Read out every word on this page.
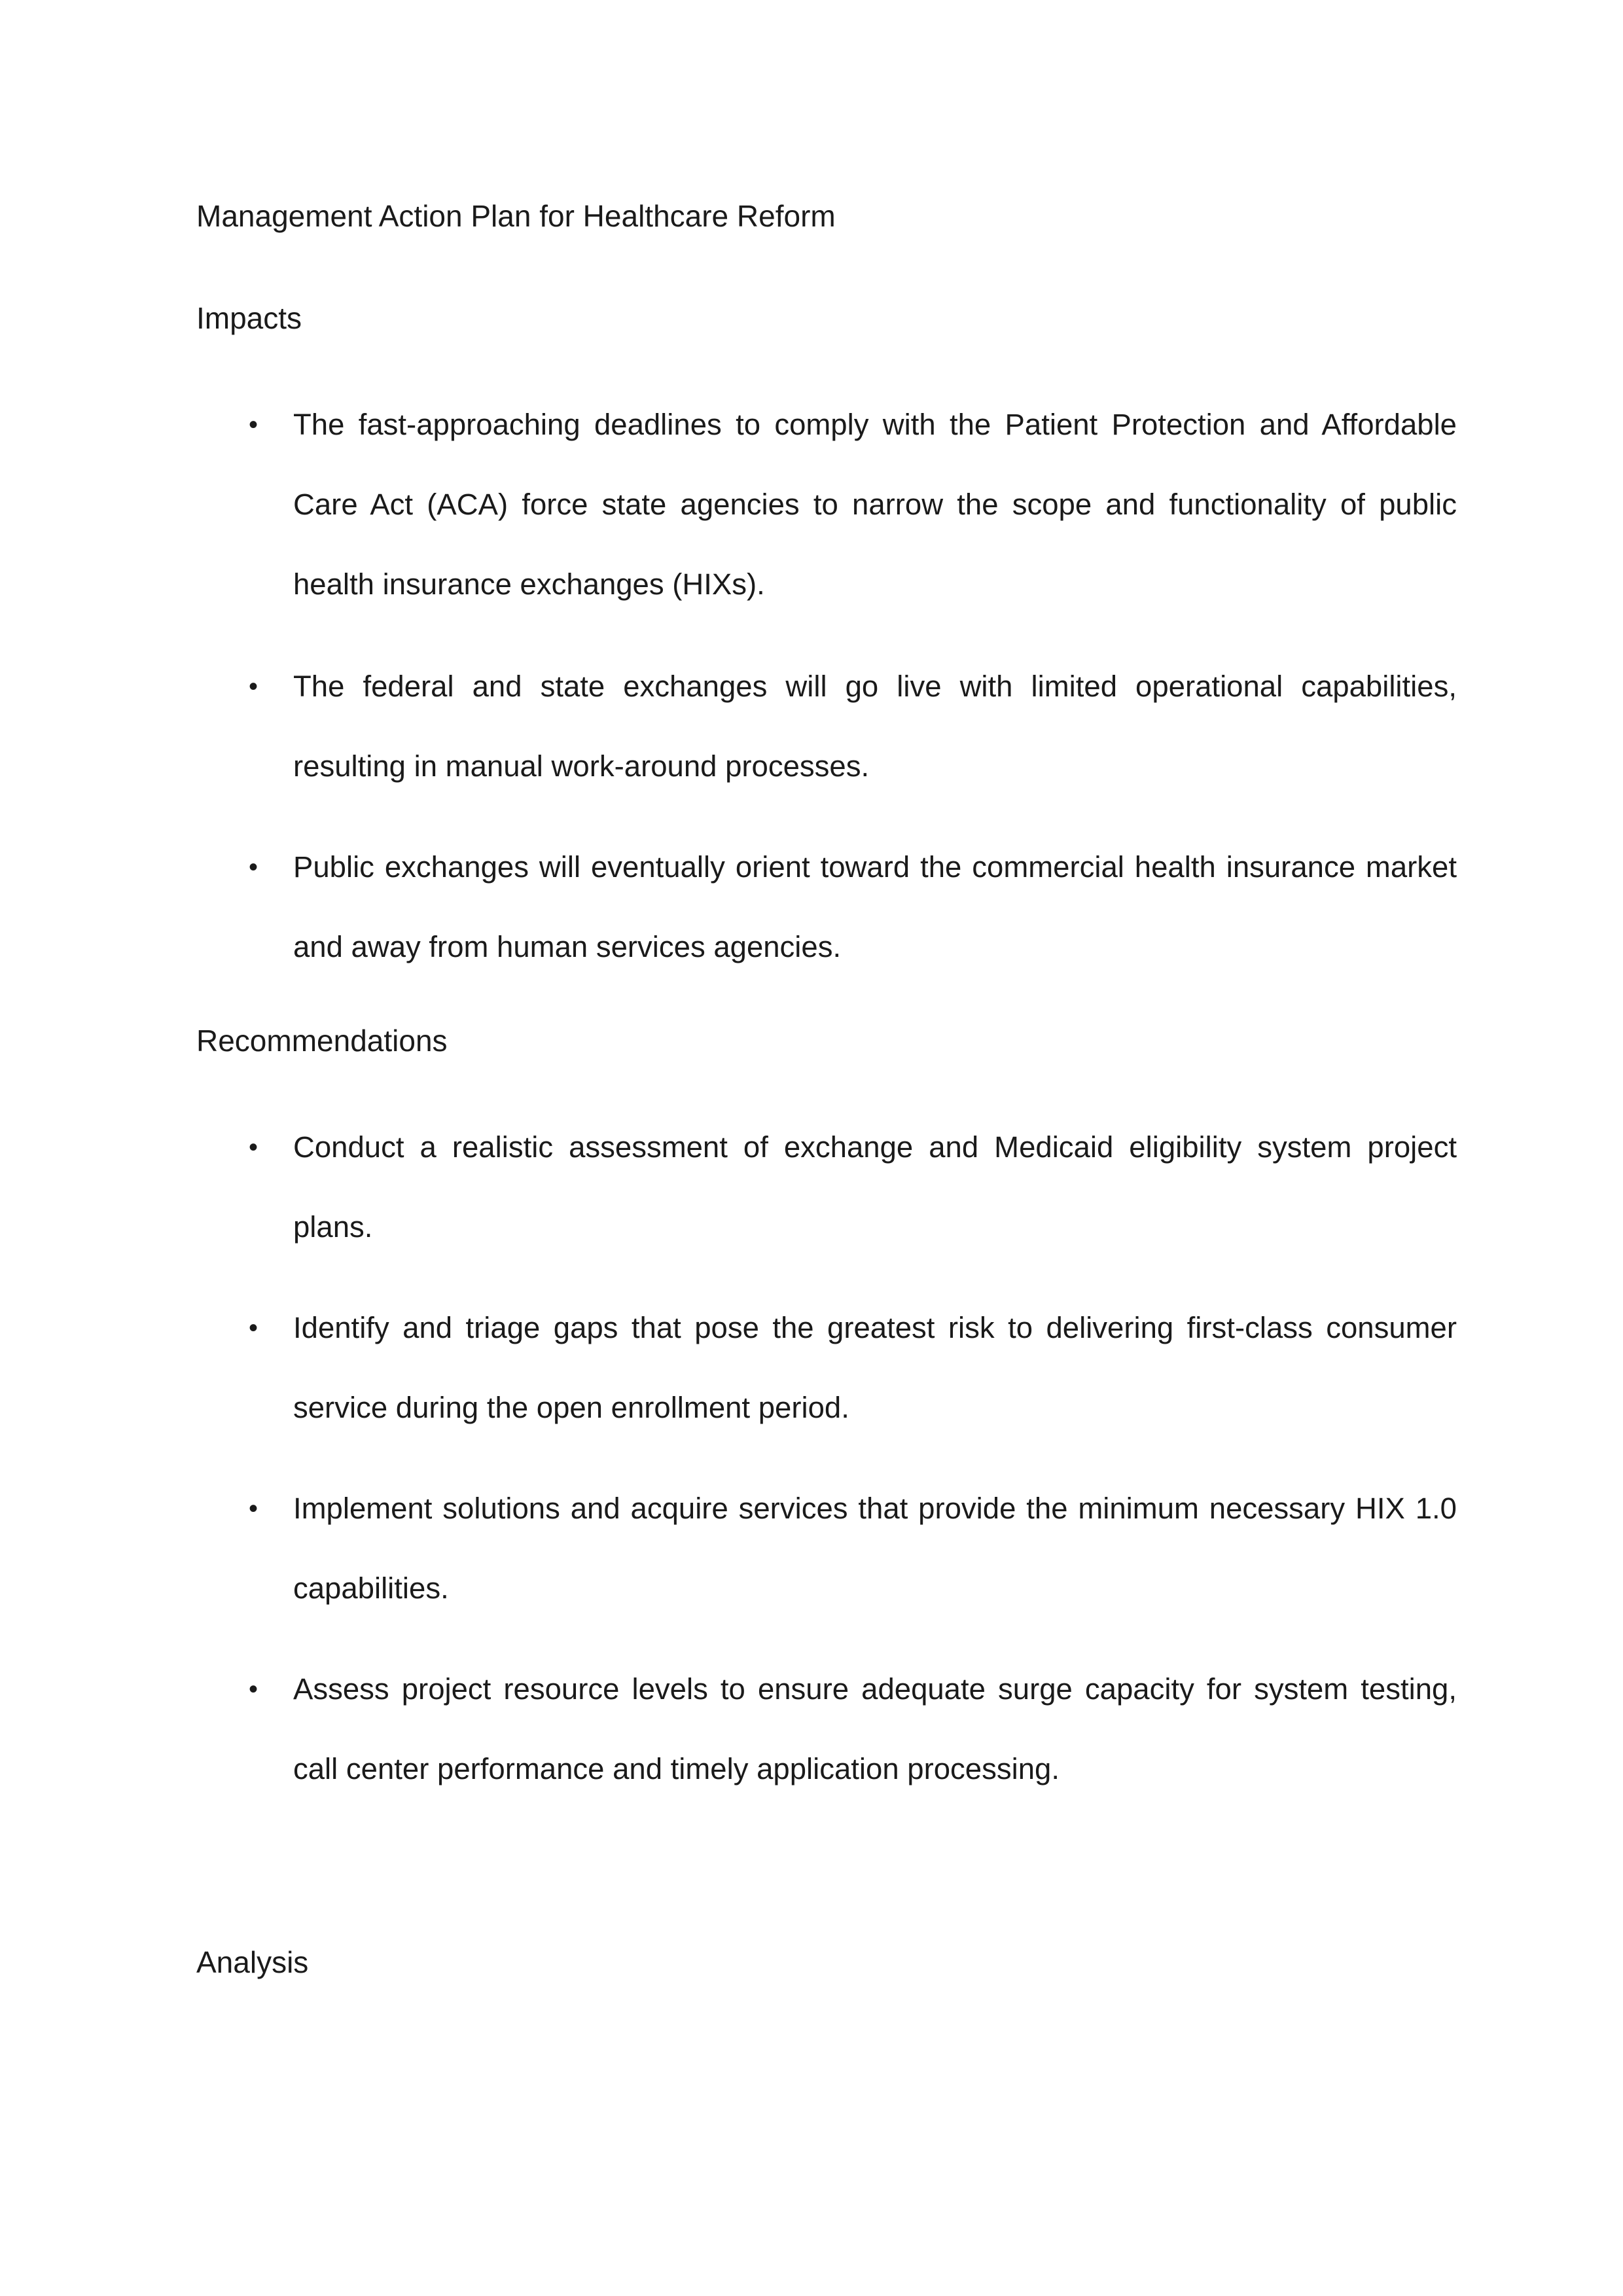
Management Action Plan for Healthcare Reform
Impacts
• The fast-approaching deadlines to comply with the Patient Protection and Affordable Care Act (ACA) force state agencies to narrow the scope and functionality of public health insurance exchanges (HIXs).
• The federal and state exchanges will go live with limited operational capabilities, resulting in manual work-around processes.
• Public exchanges will eventually orient toward the commercial health insurance market and away from human services agencies.
Recommendations
• Conduct a realistic assessment of exchange and Medicaid eligibility system project plans.
• Identify and triage gaps that pose the greatest risk to delivering first-class consumer service during the open enrollment period.
• Implement solutions and acquire services that provide the minimum necessary HIX 1.0 capabilities.
• Assess project resource levels to ensure adequate surge capacity for system testing, call center performance and timely application processing.
Analysis
